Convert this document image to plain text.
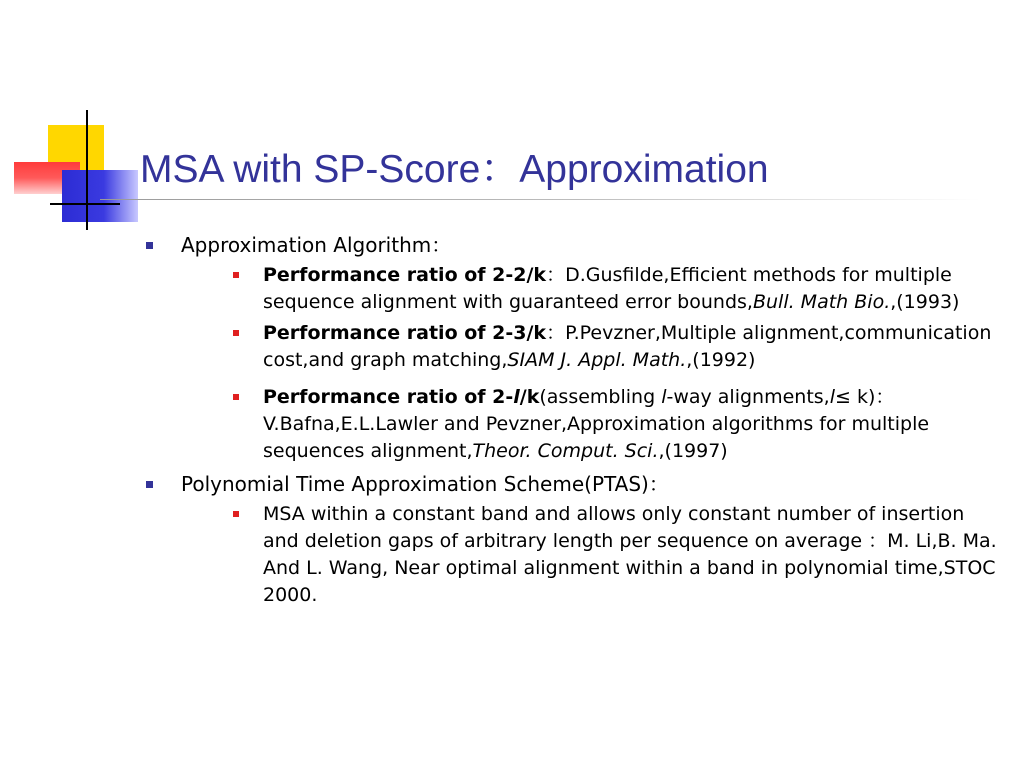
MSA with SP-Score：Approximation
Approximation Algorithm：
Performance ratio of 2-2/k：D.Gusfilde,Efficient methods for multiple sequence alignment with guaranteed error bounds,Bull. Math Bio.,(1993)
Performance ratio of 2-3/k：P.Pevzner,Multiple alignment,communication cost,and graph matching,SIAM J. Appl. Math.,(1992)
Performance ratio of 2-l/k(assembling l-way alignments,l≤ k)：V.Bafna,E.L.Lawler and Pevzner,Approximation algorithms for multiple sequences alignment,Theor. Comput. Sci.,(1997)
Polynomial Time Approximation Scheme(PTAS)：
MSA within a constant band and allows only constant number of insertion and deletion gaps of arbitrary length per sequence on average ：M. Li,B. Ma. And L. Wang, Near optimal alignment within a band in polynomial time,STOC 2000.
